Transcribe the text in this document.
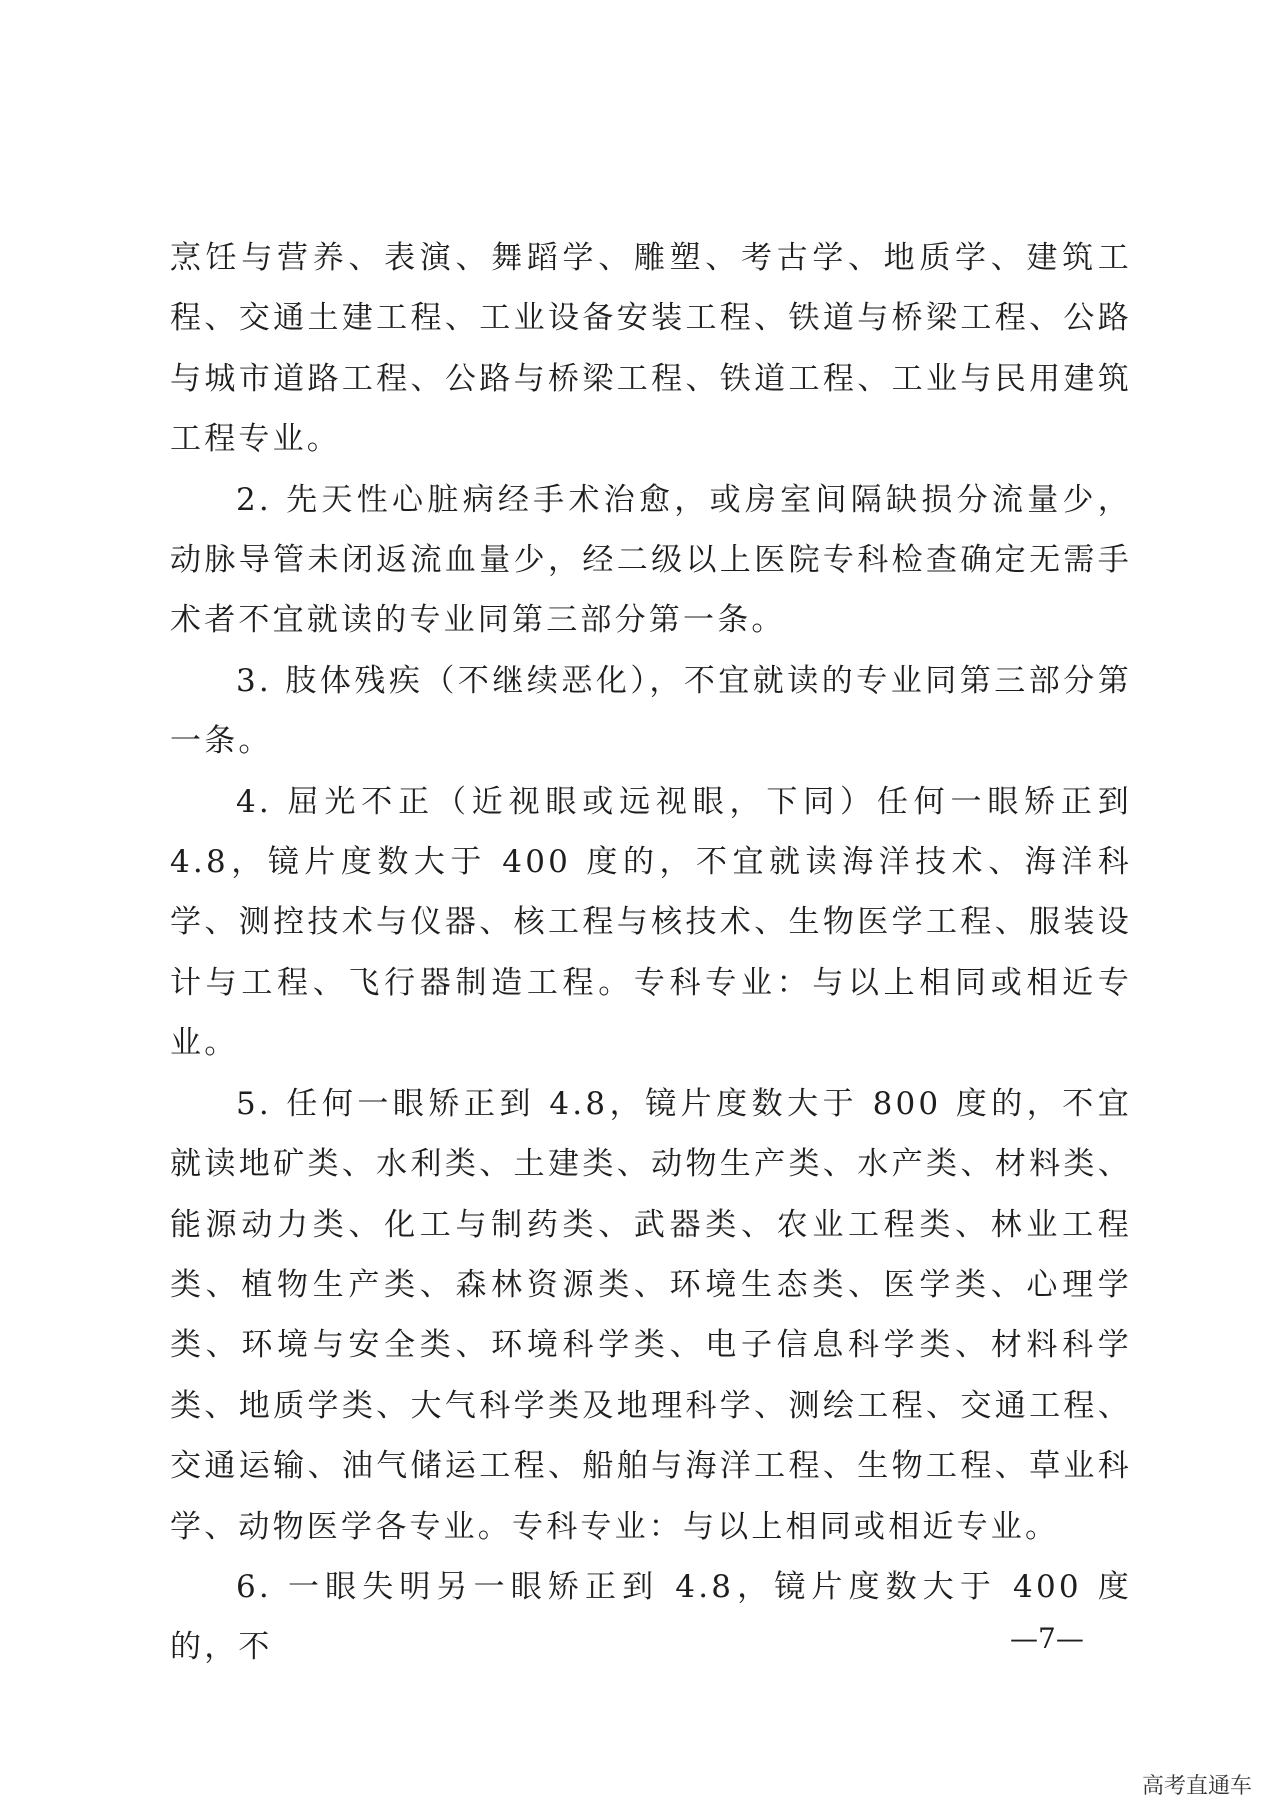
烹饪与营养、表演、舞蹈学、雕塑、考古学、地质学、建筑工程、交通土建工程、工业设备安装工程、铁道与桥梁工程、公路与城市道路工程、公路与桥梁工程、铁道工程、工业与民用建筑工程专业。

2. 先天性心脏病经手术治愈，或房室间隔缺损分流量少，动脉导管未闭返流血量少，经二级以上医院专科检查确定无需手术者不宜就读的专业同第三部分第一条。

3. 肢体残疾（不继续恶化），不宜就读的专业同第三部分第一条。

4. 屈光不正（近视眼或远视眼，下同）任何一眼矫正到 4.8，镜片度数大于 400 度的，不宜就读海洋技术、海洋科学、测控技术与仪器、核工程与核技术、生物医学工程、服装设计与工程、飞行器制造工程。专科专业：与以上相同或相近专业。

5. 任何一眼矫正到 4.8，镜片度数大于 800 度的，不宜就读地矿类、水利类、土建类、动物生产类、水产类、材料类、能源动力类、化工与制药类、武器类、农业工程类、林业工程类、植物生产类、森林资源类、环境生态类、医学类、心理学类、环境与安全类、环境科学类、电子信息科学类、材料科学类、地质学类、大气科学类及地理科学、测绘工程、交通工程、交通运输、油气储运工程、船舶与海洋工程、生物工程、草业科学、动物医学各专业。专科专业：与以上相同或相近专业。

6. 一眼失明另一眼矫正到 4.8，镜片度数大于 400 度的，不	—7—
高考直通车
